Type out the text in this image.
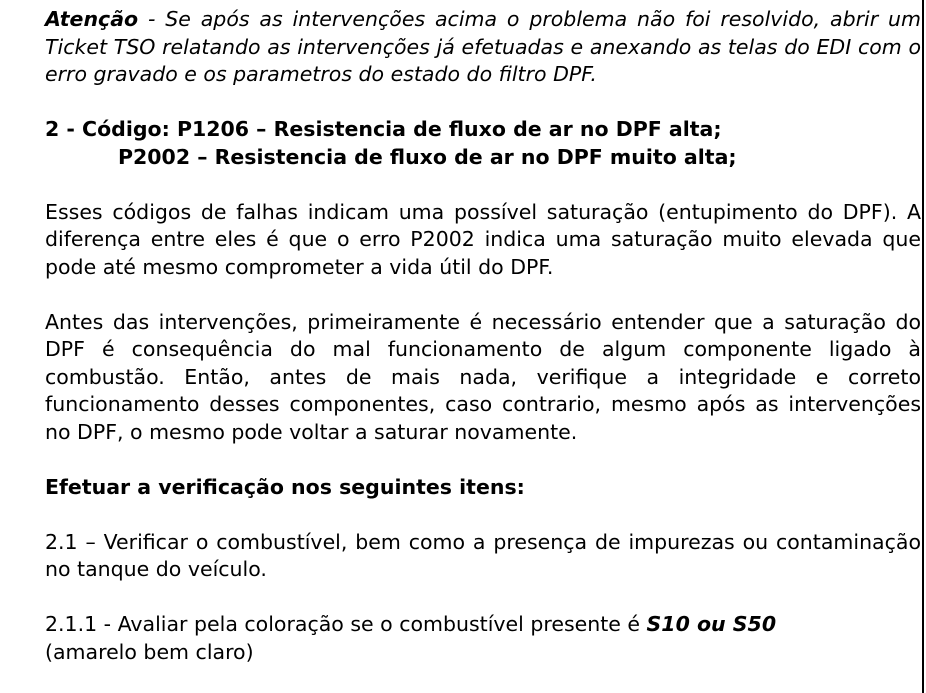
Atenção - Se após as intervenções acima o problema não foi resolvido, abrir um Ticket TSO relatando as intervenções já efetuadas e anexando as telas do EDI com o erro gravado e os parametros do estado do filtro DPF.

2 - Código: P1206 – Resistencia de fluxo de ar no DPF alta;
P2002 – Resistencia de fluxo de ar no DPF muito alta;

Esses códigos de falhas indicam uma possível saturação (entupimento do DPF). A diferença entre eles é que o erro P2002 indica uma saturação muito elevada que pode até mesmo comprometer a vida útil do DPF.

Antes das intervenções, primeiramente é necessário entender que a saturação do DPF é consequência do mal funcionamento de algum componente ligado à combustão. Então, antes de mais nada, verifique a integridade e correto funcionamento desses componentes, caso contrario, mesmo após as intervenções no DPF, o mesmo pode voltar a saturar novamente.

Efetuar a verificação nos seguintes itens:

2.1 – Verificar o combustível, bem como a presença de impurezas ou contaminação no tanque do veículo.

2.1.1 - Avaliar pela coloração se o combustível presente é S10 ou S50
(amarelo bem claro)
